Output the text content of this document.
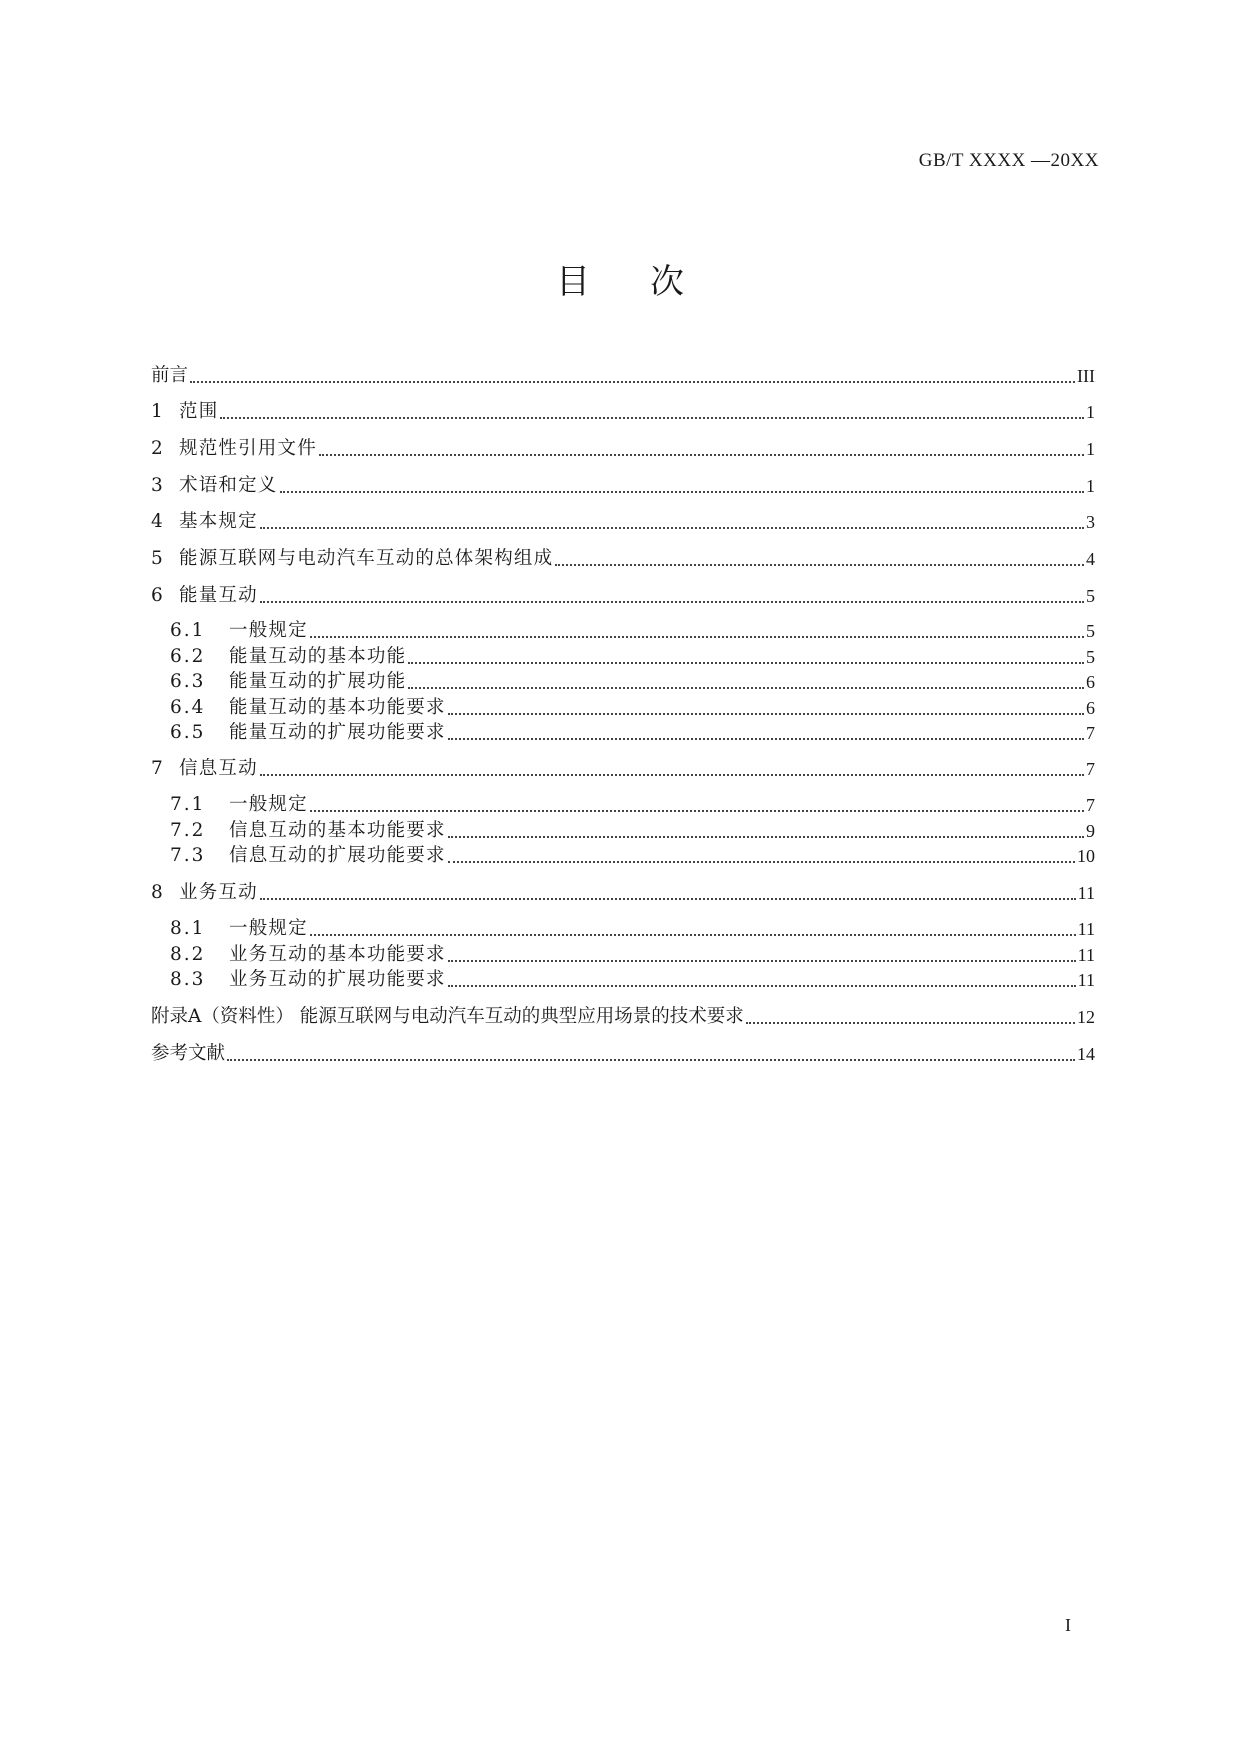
GB/T XXXX —20XX
目次
前言	III
1 范围	1
2 规范性引用文件	1
3 术语和定义	1
4 基本规定	3
5 能源互联网与电动汽车互动的总体架构组成	4
6 能量互动	5
6.1	一般规定	5
6.2	能量互动的基本功能	5
6.3	能量互动的扩展功能	6
6.4	能量互动的基本功能要求	6
6.5	能量互动的扩展功能要求	7
7 信息互动	7
7.1	一般规定	7
7.2	信息互动的基本功能要求	9
7.3	信息互动的扩展功能要求	10
8 业务互动	11
8.1	一般规定	11
8.2	业务互动的基本功能要求	11
8.3	业务互动的扩展功能要求	11
附录A（资料性） 能源互联网与电动汽车互动的典型应用场景的技术要求	12
参考文献	14
I
